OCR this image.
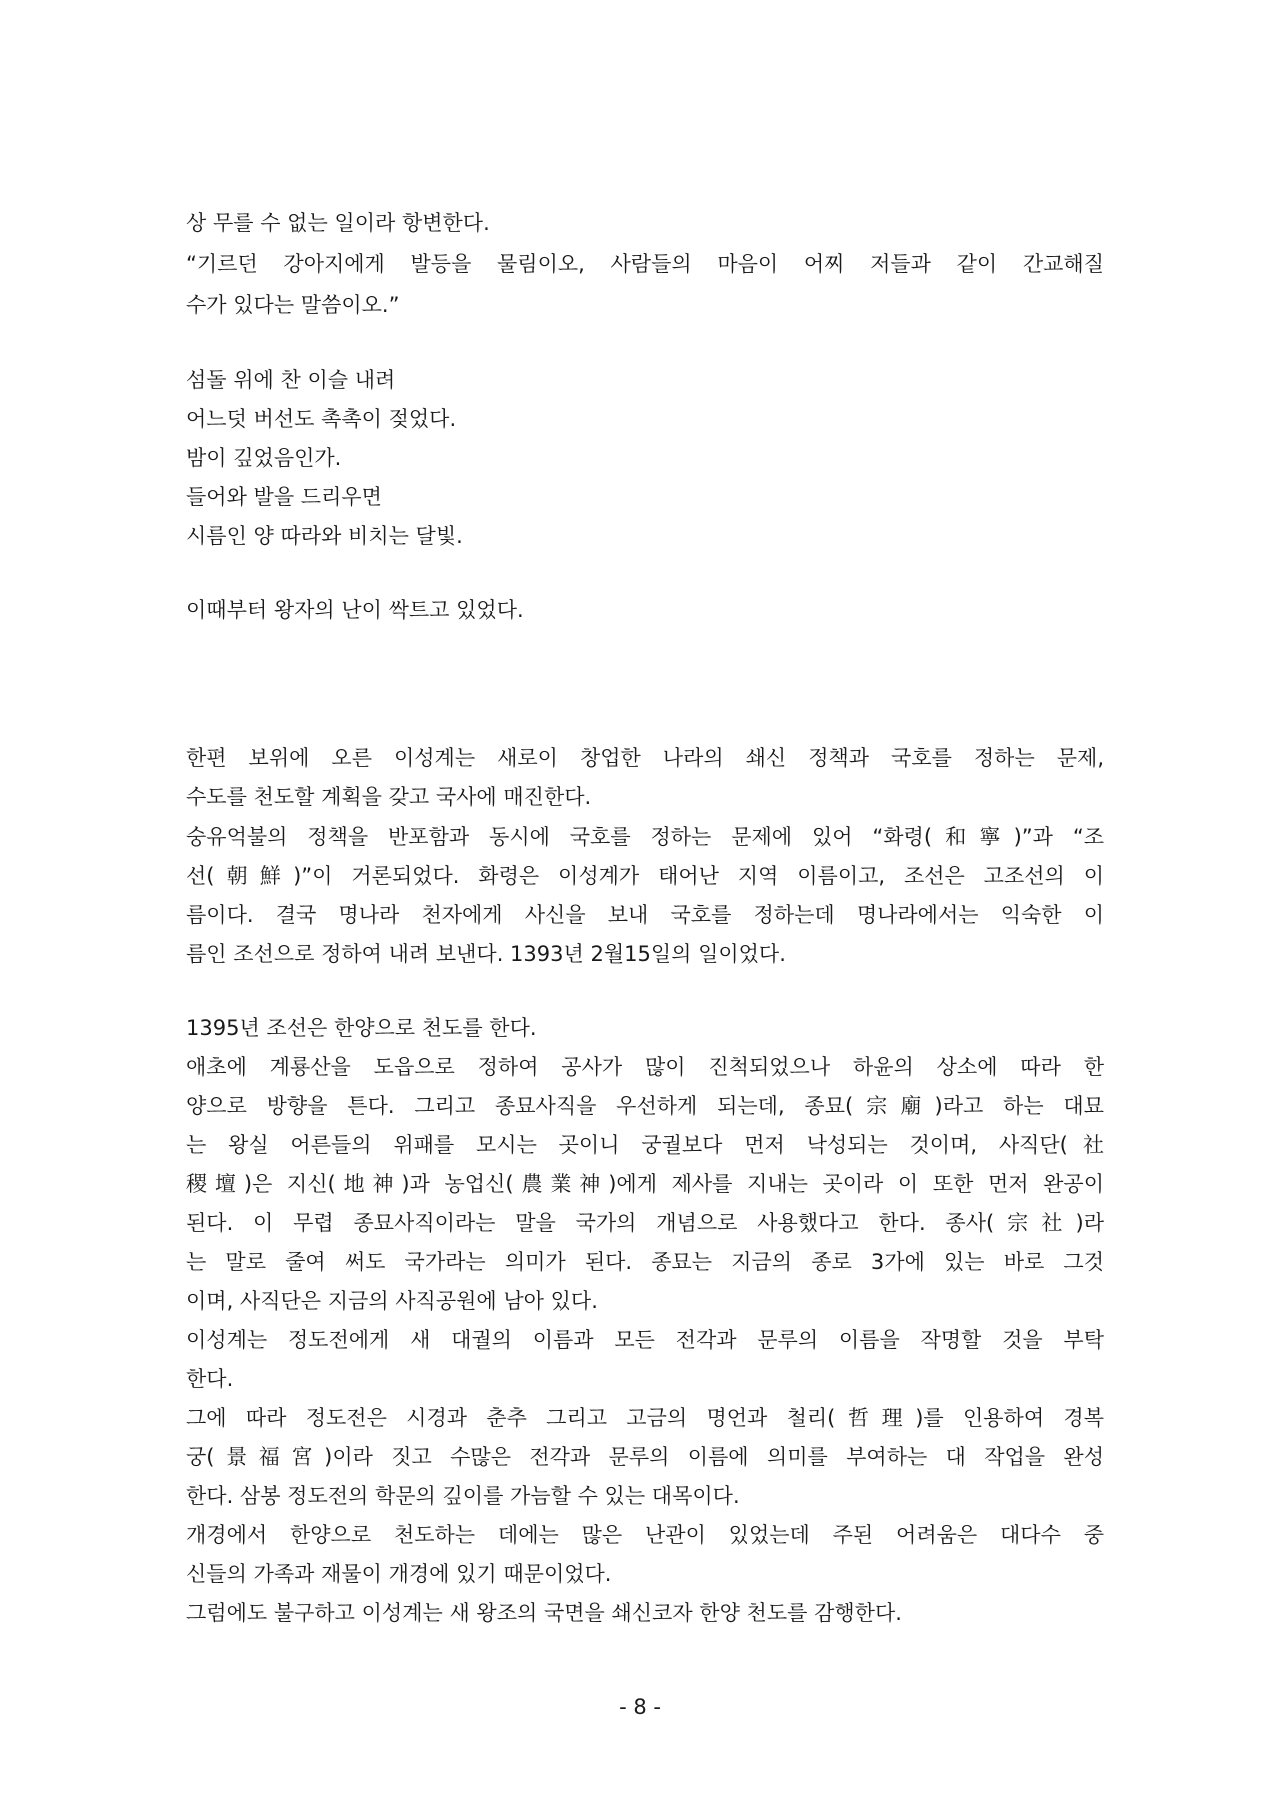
상 무를 수 없는 일이라 항변한다.
“기르던 강아지에게 발등을 물림이오, 사람들의 마음이 어찌 저들과 같이 간교해질
수가 있다는 말씀이오.”
섬돌 위에 찬 이슬 내려
어느덧 버선도 촉촉이 젖었다.
밤이 깊었음인가.
들어와 발을 드리우면
시름인 양 따라와 비치는 달빛.
이때부터 왕자의 난이 싹트고 있었다.
한편 보위에 오른 이성계는 새로이 창업한 나라의 쇄신 정책과 국호를 정하는 문제,
수도를 천도할 계획을 갖고 국사에 매진한다.
숭유억불의 정책을 반포함과 동시에 국호를 정하는 문제에 있어 “화령(和寧)”과 “조
선(朝鮮)”이 거론되었다. 화령은 이성계가 태어난 지역 이름이고, 조선은 고조선의 이
름이다. 결국 명나라 천자에게 사신을 보내 국호를 정하는데 명나라에서는 익숙한 이
름인 조선으로 정하여 내려 보낸다. 1393년 2월15일의 일이었다.
1395년 조선은 한양으로 천도를 한다.
애초에 계룡산을 도읍으로 정하여 공사가 많이 진척되었으나 하윤의 상소에 따라 한
양으로 방향을 튼다. 그리고 종묘사직을 우선하게 되는데, 종묘(宗廟)라고 하는 대묘
는 왕실 어른들의 위패를 모시는 곳이니 궁궐보다 먼저 낙성되는 것이며, 사직단(社
稷壇)은 지신(地神)과 농업신(農業神)에게 제사를 지내는 곳이라 이 또한 먼저 완공이
된다. 이 무렵 종묘사직이라는 말을 국가의 개념으로 사용했다고 한다. 종사(宗社)라
는 말로 줄여 써도 국가라는 의미가 된다. 종묘는 지금의 종로 3가에 있는 바로 그것
이며, 사직단은 지금의 사직공원에 남아 있다.
이성계는 정도전에게 새 대궐의 이름과 모든 전각과 문루의 이름을 작명할 것을 부탁
한다.
그에 따라 정도전은 시경과 춘추 그리고 고금의 명언과 철리(哲理)를 인용하여 경복
궁(景福宮)이라 짓고 수많은 전각과 문루의 이름에 의미를 부여하는 대 작업을 완성
한다. 삼봉 정도전의 학문의 깊이를 가늠할 수 있는 대목이다.
개경에서 한양으로 천도하는 데에는 많은 난관이 있었는데 주된 어려움은 대다수 중
신들의 가족과 재물이 개경에 있기 때문이었다.
그럼에도 불구하고 이성계는 새 왕조의 국면을 쇄신코자 한양 천도를 감행한다.
- 8 -
